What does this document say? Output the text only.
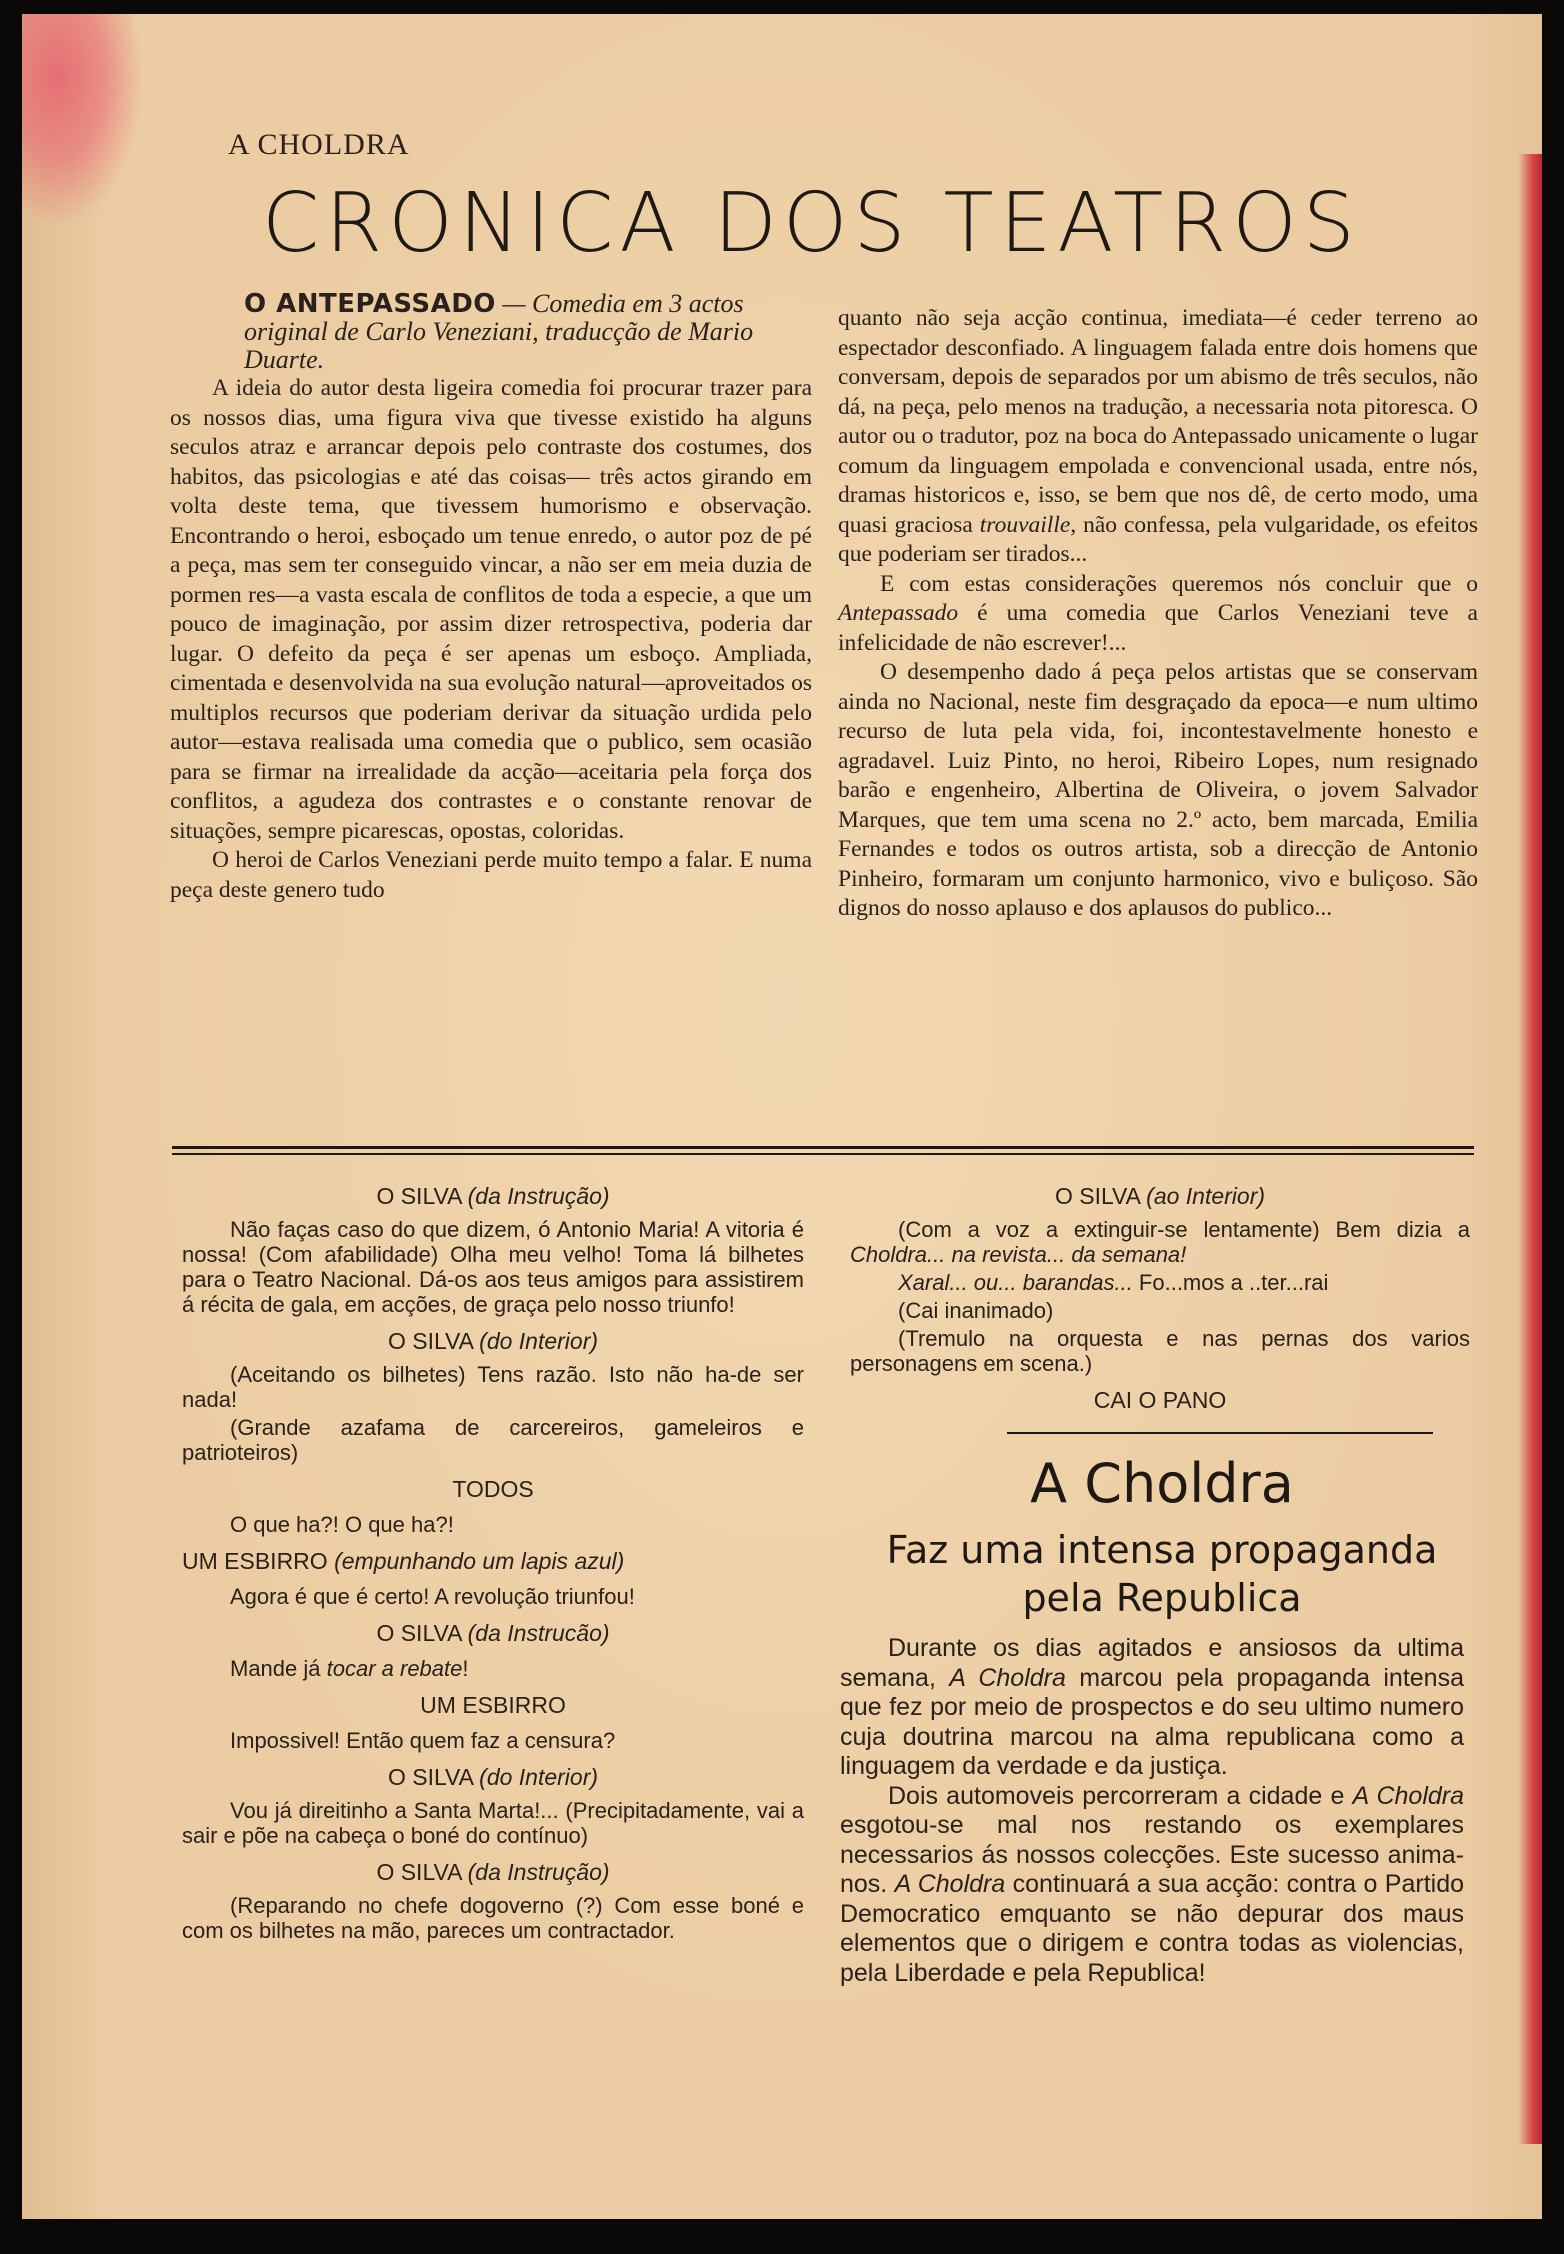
A CHOLDRA
CRONICA DOS TEATROS
O ANTEPASSADO — Comedia em 3 actos original de Carlo Veneziani, traducção de Mario Duarte.

A ideia do autor desta ligeira comedia foi procurar trazer para os nossos dias, uma figura viva que tivesse existido ha alguns seculos atraz e arrancar depois pelo contraste dos costumes, dos habitos, das psicologias e até das coisas— três actos girando em volta deste tema, que tivessem humorismo e observação. Encontrando o heroi, esboçado um tenue enredo, o autor poz de pé a peça, mas sem ter conseguido vincar, a não ser em meia duzia de pormen res—a vasta escala de conflitos de toda a especie, a que um pouco de imaginação, por assim dizer retrospectiva, poderia dar lugar. O defeito da peça é ser apenas um esboço. Ampliada, cimentada e desenvolvida na sua evolução natural—aproveitados os multiplos recursos que poderiam derivar da situação urdida pelo autor—estava realisada uma comedia que o publico, sem ocasião para se firmar na irrealidade da acção—aceitaria pela força dos conflitos, a agudeza dos contrastes e o constante renovar de situações, sempre picarescas, opostas, coloridas.

O heroi de Carlos Veneziani perde muito tempo a falar. E numa peça deste genero tudo

quanto não seja acção continua, imediata—é ceder terreno ao espectador desconfiado. A linguagem falada entre dois homens que conversam, depois de separados por um abismo de três seculos, não dá, na peça, pelo menos na tradução, a necessaria nota pitoresca. O autor ou o tradutor, poz na boca do Antepassado unicamente o lugar comum da linguagem empolada e convencional usada, entre nós, dramas historicos e, isso, se bem que nos dê, de certo modo, uma quasi graciosa trouvaille, não confessa, pela vulgaridade, os efeitos que poderiam ser tirados...

E com estas considerações queremos nós concluir que o Antepassado é uma comedia que Carlos Veneziani teve a infelicidade de não escrever!...

O desempenho dado á peça pelos artistas que se conservam ainda no Nacional, neste fim desgraçado da epoca—e num ultimo recurso de luta pela vida, foi, incontestavelmente honesto e agradavel. Luiz Pinto, no heroi, Ribeiro Lopes, num resignado barão e engenheiro, Albertina de Oliveira, o jovem Salvador Marques, que tem uma scena no 2.º acto, bem marcada, Emilia Fernandes e todos os outros artista, sob a direcção de Antonio Pinheiro, formaram um conjunto harmonico, vivo e buliçoso. São dignos do nosso aplauso e dos aplausos do publico...

O SILVA (da Instrução)

Não faças caso do que dizem, ó Antonio Maria! A vitoria é nossa! (Com afabilidade) Olha meu velho! Toma lá bilhetes para o Teatro Nacional. Dá-os aos teus amigos para assistirem á récita de gala, em acções, de graça pelo nosso triunfo!

O SILVA (do Interior)

(Aceitando os bilhetes) Tens razão. Isto não ha-de ser nada!

(Grande azafama de carcereiros, gameleiros e patrioteiros)

TODOS

O que ha?! O que ha?!

UM ESBIRRO (empunhando um lapis azul)

Agora é que é certo! A revolução triunfou!

O SILVA (da Instrucão)

Mande já tocar a rebate!

UM ESBIRRO

Impossivel! Então quem faz a censura?

O SILVA (do Interior)

Vou já direitinho a Santa Marta!... (Precipitadamente, vai a sair e põe na cabeça o boné do contínuo)

O SILVA (da Instrução)

(Reparando no chefe dogoverno (?) Com esse boné e com os bilhetes na mão, pareces um contractador.

O SILVA (ao Interior)

(Com a voz a extinguir-se lentamente) Bem dizia a Choldra... na revista... da semana!

Xaral... ou... barandas... Fo...mos a ..ter...rai

(Cai inanimado)

(Tremulo na orquesta e nas pernas dos varios personagens em scena.)

CAI O PANO
A Choldra
Faz uma intensa propaganda
pela Republica

Durante os dias agitados e ansiosos da ultima semana, A Choldra marcou pela propaganda intensa que fez por meio de prospectos e do seu ultimo numero cuja doutrina marcou na alma republicana como a linguagem da verdade e da justiça.

Dois automoveis percorreram a cidade e A Choldra esgotou-se mal nos restando os exemplares necessarios ás nossos colecções. Este sucesso anima-nos. A Choldra continuará a sua acção: contra o Partido Democratico emquanto se não depurar dos maus elementos que o dirigem e contra todas as violencias, pela Liberdade e pela Republica!
